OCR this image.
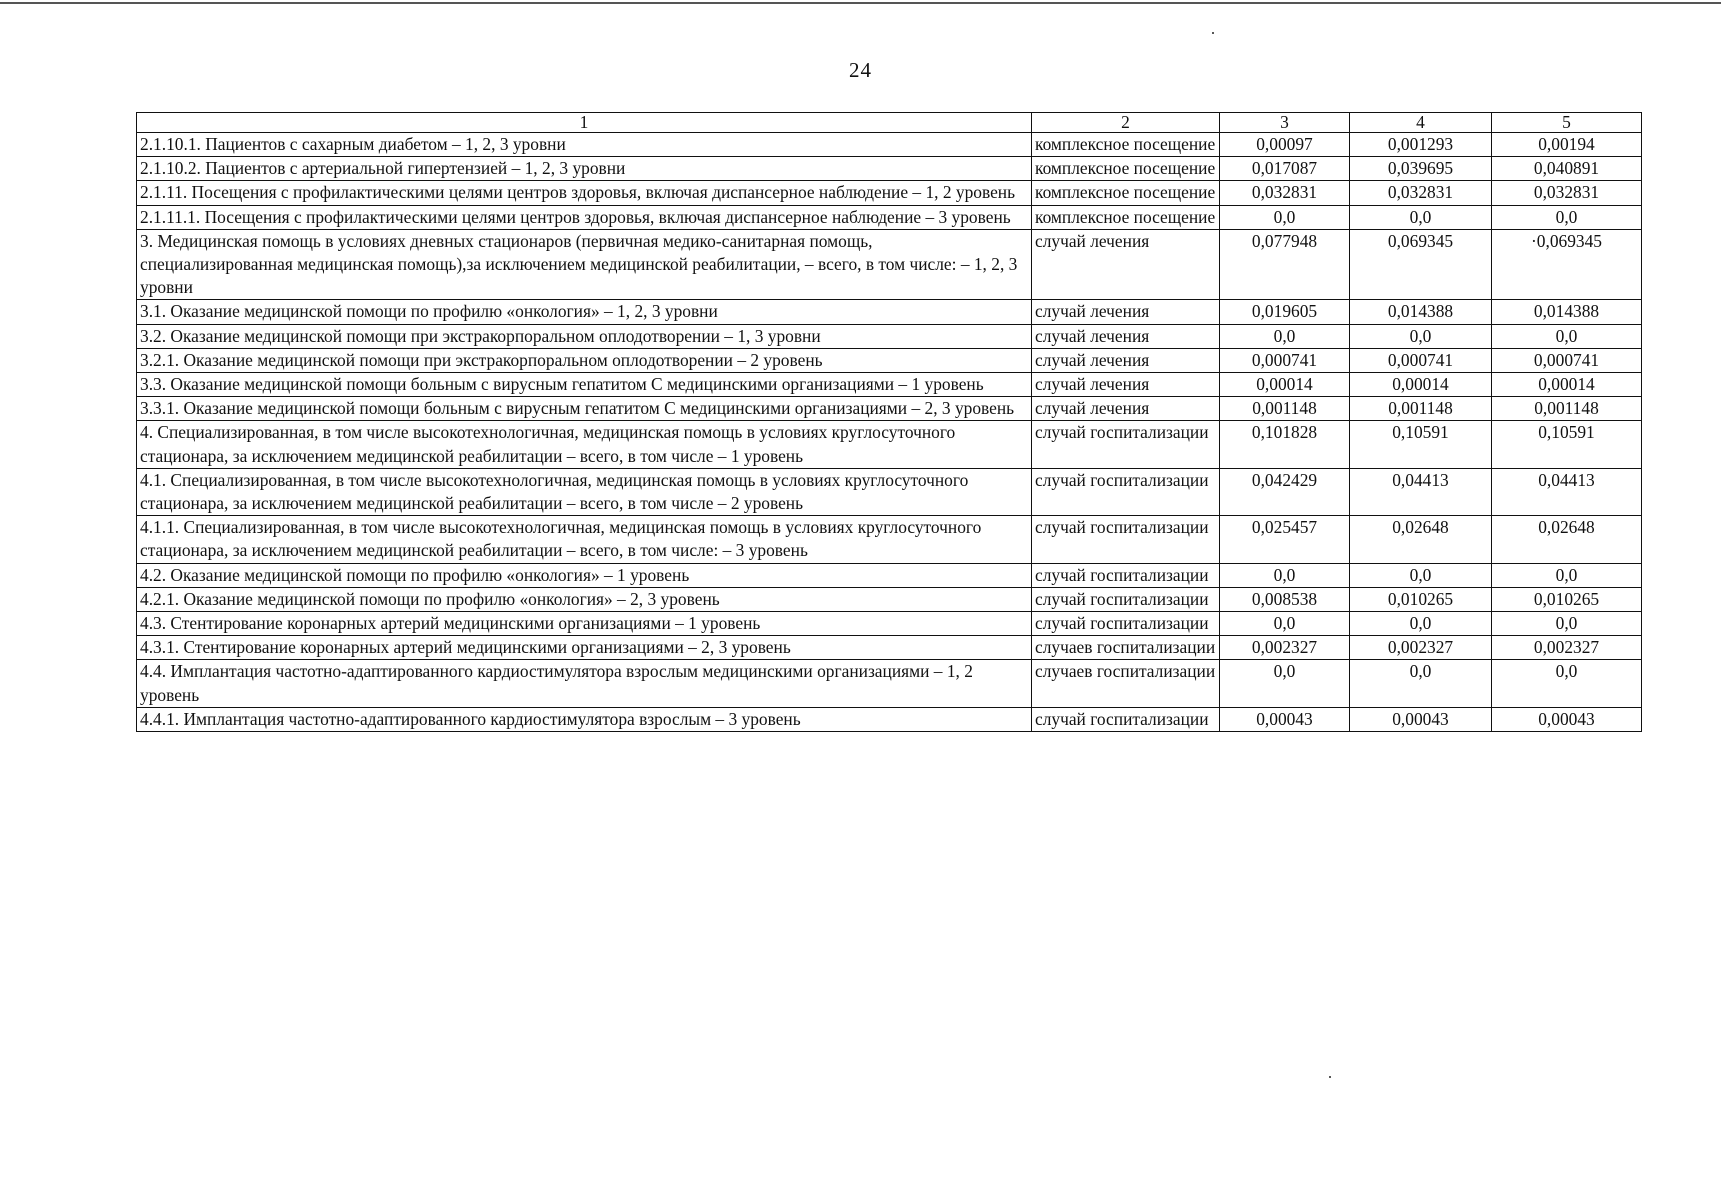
24
1	2	3	4	5
2.1.10.1. Пациентов с сахарным диабетом – 1, 2, 3 уровни	комплексное посещение	0,00097	0,001293	0,00194
2.1.10.2. Пациентов с артериальной гипертензией – 1, 2, 3 уровни	комплексное посещение	0,017087	0,039695	0,040891
2.1.11. Посещения с профилактическими целями центров здоровья, включая диспансерное наблюдение – 1, 2 уровень	комплексное посещение	0,032831	0,032831	0,032831
2.1.11.1. Посещения с профилактическими целями центров здоровья, включая диспансерное наблюдение – 3 уровень	комплексное посещение	0,0	0,0	0,0
3. Медицинская помощь в условиях дневных стационаров (первичная медико-санитарная помощь, специализированная медицинская помощь),за исключением медицинской реабилитации, – всего, в том числе: – 1, 2, 3 уровни	случай лечения	0,077948	0,069345	·0,069345
3.1. Оказание медицинской помощи по профилю «онкология» – 1, 2, 3 уровни	случай лечения	0,019605	0,014388	0,014388
3.2. Оказание медицинской помощи при экстракорпоральном оплодотворении – 1, 3 уровни	случай лечения	0,0	0,0	0,0
3.2.1. Оказание медицинской помощи при экстракорпоральном оплодотворении – 2 уровень	случай лечения	0,000741	0,000741	0,000741
3.3. Оказание медицинской помощи больным с вирусным гепатитом С медицинскими организациями – 1 уровень	случай лечения	0,00014	0,00014	0,00014
3.3.1. Оказание медицинской помощи больным с вирусным гепатитом С медицинскими организациями – 2, 3 уровень	случай лечения	0,001148	0,001148	0,001148
4. Специализированная, в том числе высокотехнологичная, медицинская помощь в условиях круглосуточного стационара, за исключением медицинской реабилитации – всего, в том числе – 1 уровень	случай госпитализации	0,101828	0,10591	0,10591
4.1. Специализированная, в том числе высокотехнологичная, медицинская помощь в условиях круглосуточного стационара, за исключением медицинской реабилитации – всего, в том числе – 2 уровень	случай госпитализации	0,042429	0,04413	0,04413
4.1.1. Специализированная, в том числе высокотехнологичная, медицинская помощь в условиях круглосуточного стационара, за исключением медицинской реабилитации – всего, в том числе: – 3 уровень	случай госпитализации	0,025457	0,02648	0,02648
4.2. Оказание медицинской помощи по профилю «онкология» – 1 уровень	случай госпитализации	0,0	0,0	0,0
4.2.1. Оказание медицинской помощи по профилю «онкология» – 2, 3 уровень	случай госпитализации	0,008538	0,010265	0,010265
4.3. Стентирование коронарных артерий медицинскими организациями – 1 уровень	случай госпитализации	0,0	0,0	0,0
4.3.1. Стентирование коронарных артерий медицинскими организациями – 2, 3 уровень	случаев госпитализации	0,002327	0,002327	0,002327
4.4. Имплантация частотно-адаптированного кардиостимулятора взрослым медицинскими организациями – 1, 2 уровень	случаев госпитализации	0,0	0,0	0,0
4.4.1. Имплантация частотно-адаптированного кардиостимулятора взрослым – 3 уровень	случай госпитализации	0,00043	0,00043	0,00043
